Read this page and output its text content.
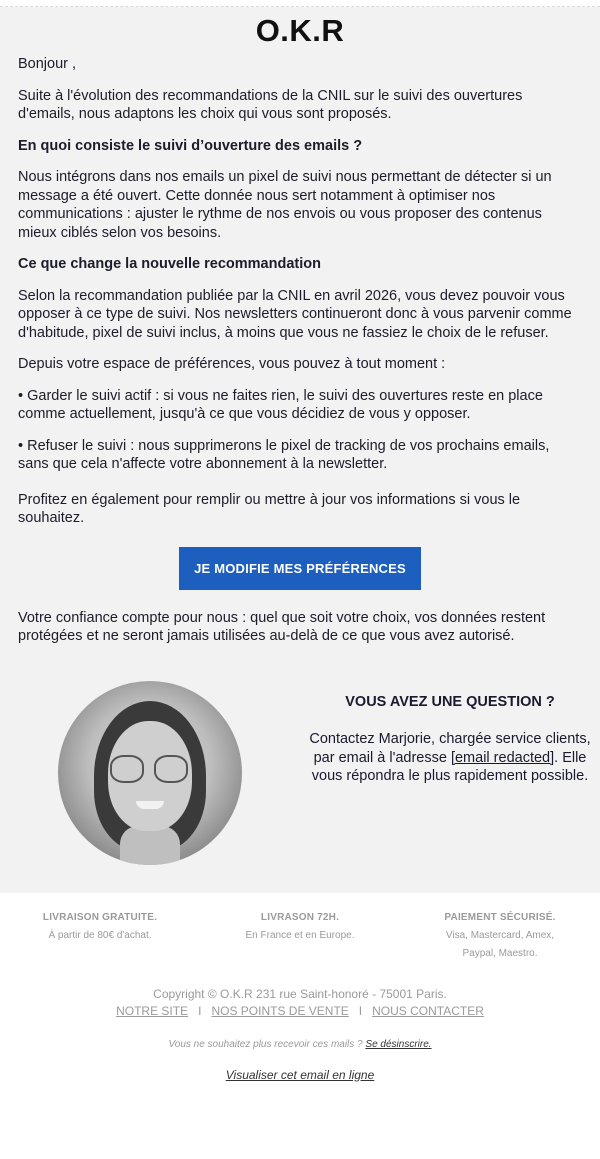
O.K.R

Bonjour ,

Suite à l'évolution des recommandations de la CNIL sur le suivi des ouvertures d'emails, nous adaptons les choix qui vous sont proposés.

En quoi consiste le suivi d’ouverture des emails ?

Nous intégrons dans nos emails un pixel de suivi nous permettant de détecter si un message a été ouvert. Cette donnée nous sert notamment à optimiser nos communications : ajuster le rythme de nos envois ou vous proposer des contenus mieux ciblés selon vos besoins.

Ce que change la nouvelle recommandation

Selon la recommandation publiée par la CNIL en avril 2026, vous devez pouvoir vous opposer à ce type de suivi. Nos newsletters continueront donc à vous parvenir comme d'habitude, pixel de suivi inclus, à moins que vous ne fassiez le choix de le refuser.

Depuis votre espace de préférences, vous pouvez à tout moment :

• Garder le suivi actif : si vous ne faites rien, le suivi des ouvertures reste en place comme actuellement, jusqu'à ce que vous décidiez de vous y opposer.

• Refuser le suivi : nous supprimerons le pixel de tracking de vos prochains emails, sans que cela n'affecte votre abonnement à la newsletter.

Profitez en également pour remplir ou mettre à jour vos informations si vous le souhaitez.

JE MODIFIE MES PRÉFÉRENCES

Votre confiance compte pour nous : quel que soit votre choix, vos données restent protégées et ne seront jamais utilisées au-delà de ce que vous avez autorisé.

VOUS AVEZ UNE QUESTION ?
Contactez Marjorie, chargée service clients, par email à l'adresse [email redacted]. Elle vous répondra le plus rapidement possible.
LIVRAISON GRATUITE.
À partir de 80€ d'achat.
LIVRASON 72H.
En France et en Europe.
PAIEMENT SÉCURISÉ.
Visa, Mastercard, Amex, Paypal, Maestro.
Copyright © O.K.R 231 rue Saint-honoré - 75001 Paris.
NOTRE SITE I NOS POINTS DE VENTE I NOUS CONTACTER
Vous ne souhaitez plus recevoir ces mails ? Se désinscrire.
Visualiser cet email en ligne
